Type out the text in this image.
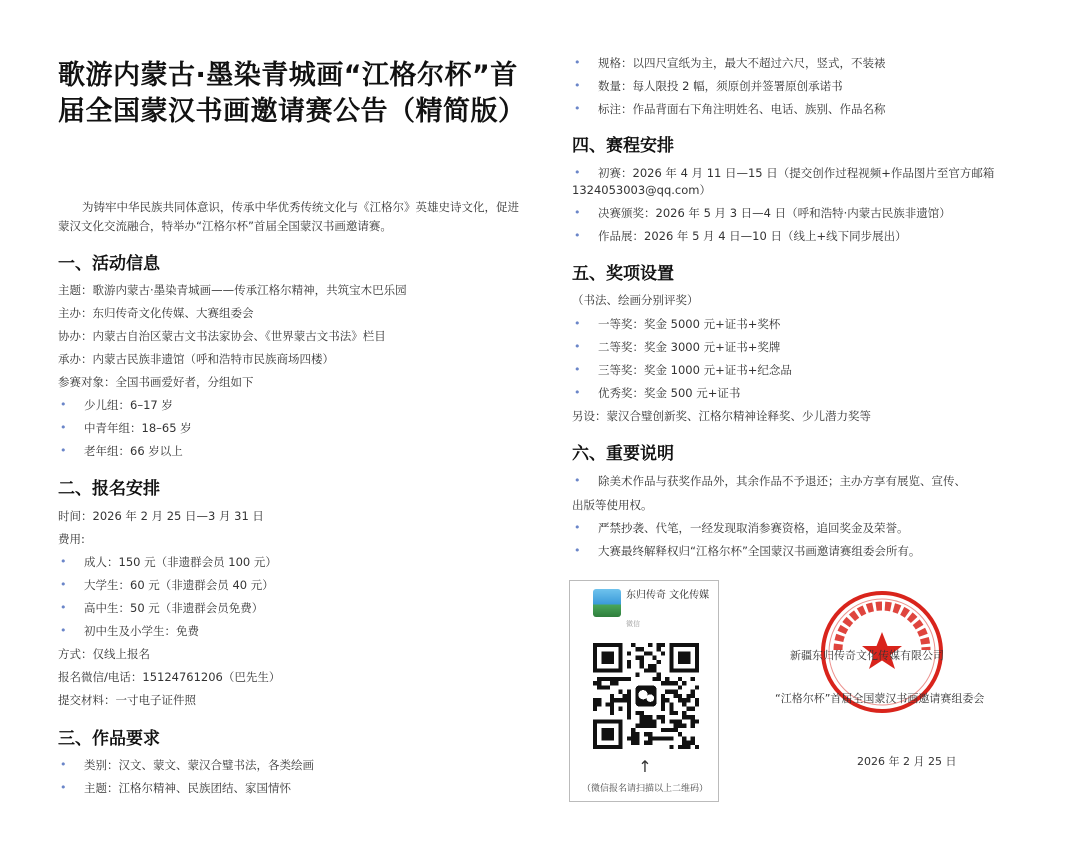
歌游内蒙古·墨染青城画“江格尔杯”首届全国蒙汉书画邀请赛公告（精简版）
为铸牢中华民族共同体意识，传承中华优秀传统文化与《江格尔》英雄史诗文化，促进蒙汉文化交流融合，特举办“江格尔杯”首届全国蒙汉书画邀请赛。
一、活动信息
主题：歌游内蒙古·墨染青城画——传承江格尔精神，共筑宝木巴乐园
主办：东归传奇文化传媒、大赛组委会
协办：内蒙古自治区蒙古文书法家协会、《世界蒙古文书法》栏目
承办：内蒙古民族非遗馆（呼和浩特市民族商场四楼）
参赛对象：全国书画爱好者，分组如下
• 少儿组：6–17 岁
• 中青年组：18–65 岁
• 老年组：66 岁以上
二、报名安排
时间：2026 年 2 月 25 日—3 月 31 日
费用:
• 成人：150 元（非遗群会员 100 元）
• 大学生：60 元（非遗群会员 40 元）
• 高中生：50 元（非遗群会员免费）
• 初中生及小学生：免费
方式：仅线上报名
报名微信/电话：15124761206（巴先生）
提交材料：一寸电子证件照
三、作品要求
• 类别：汉文、蒙文、蒙汉合璧书法，各类绘画
• 主题：江格尔精神、民族团结、家国情怀
• 规格：以四尺宣纸为主，最大不超过六尺，竖式，不装裱
• 数量：每人限投 2 幅，须原创并签署原创承诺书
• 标注：作品背面右下角注明姓名、电话、族别、作品名称
四、赛程安排
• 初赛：2026 年 4 月 11 日—15 日（提交创作过程视频+作品图片至官方邮箱
1324053003@qq.com）
• 决赛颁奖：2026 年 5 月 3 日—4 日（呼和浩特·内蒙古民族非遗馆）
• 作品展：2026 年 5 月 4 日—10 日（线上+线下同步展出）
五、奖项设置
（书法、绘画分别评奖）
• 一等奖：奖金 5000 元+证书+奖杯
• 二等奖：奖金 3000 元+证书+奖牌
• 三等奖：奖金 1000 元+证书+纪念品
• 优秀奖：奖金 500 元+证书
另设：蒙汉合璧创新奖、江格尔精神诠释奖、少儿潜力奖等
六、重要说明
• 除美术作品与获奖作品外，其余作品不予退还；主办方享有展览、宣传、
出版等使用权。
• 严禁抄袭、代笔，一经发现取消参赛资格，追回奖金及荣誉。
• 大赛最终解释权归“江格尔杯”全国蒙汉书画邀请赛组委会所有。
东归传奇 文化传媒
微信
↑
（微信报名请扫描以上二维码）
新疆东归传奇文化传媒有限公司
“江格尔杯”首届全国蒙汉书画邀请赛组委会
2026 年 2 月 25 日
